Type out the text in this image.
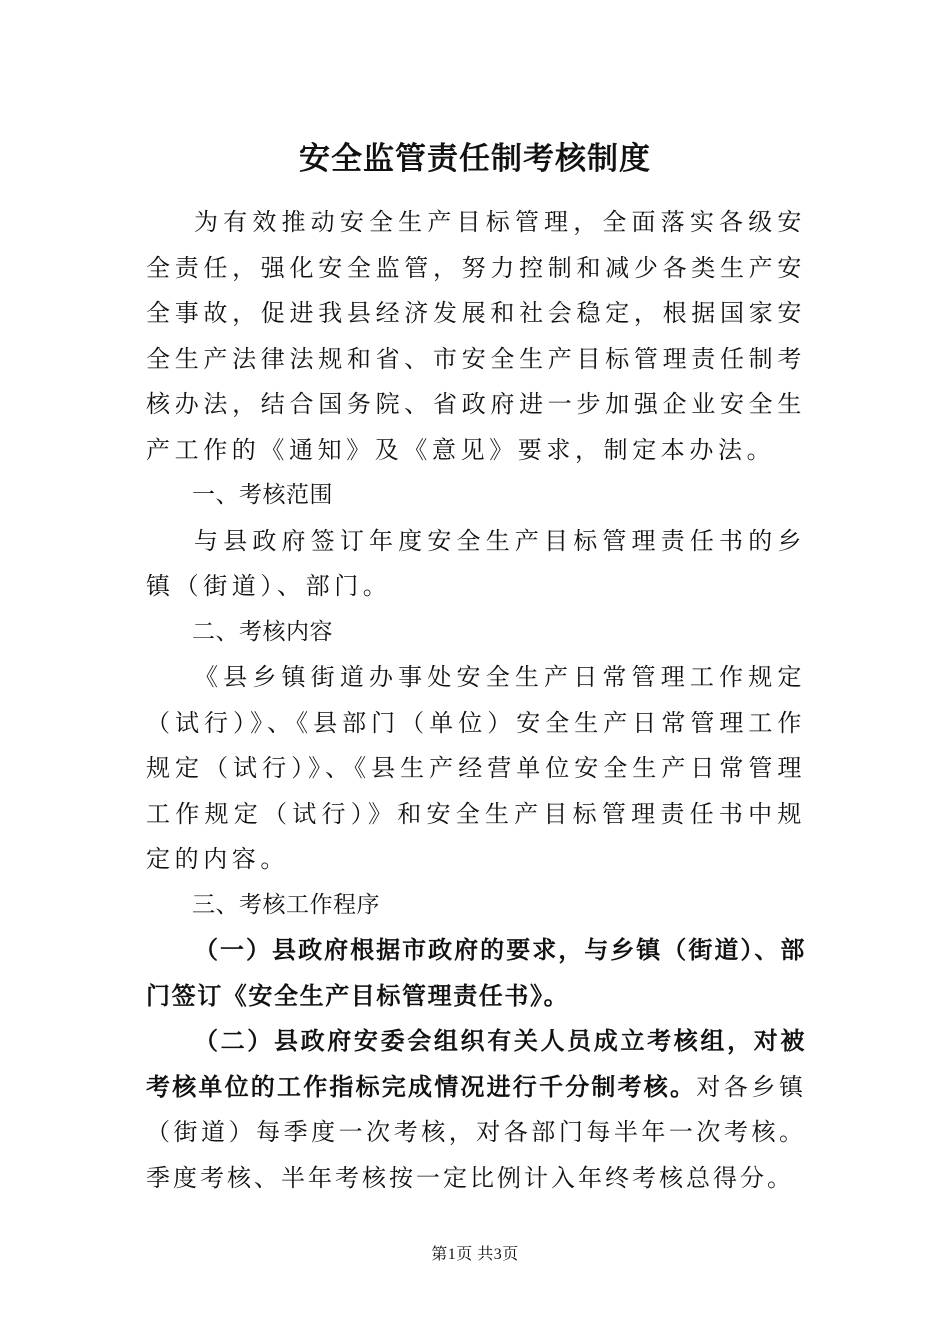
安全监管责任制考核制度

为有效推动安全生产目标管理，全面落实各级安全责任，强化安全监管，努力控制和减少各类生产安全事故，促进我县经济发展和社会稳定，根据国家安全生产法律法规和省、市安全生产目标管理责任制考核办法，结合国务院、省政府进一步加强企业安全生产工作的《通知》及《意见》要求，制定本办法。

一、考核范围

与县政府签订年度安全生产目标管理责任书的乡镇（街道）、部门。

二、考核内容

《县乡镇街道办事处安全生产日常管理工作规定（试行）》、《县部门（单位）安全生产日常管理工作规定（试行）》、《县生产经营单位安全生产日常管理工作规定（试行）》和安全生产目标管理责任书中规定的内容。

三、考核工作程序

（一）县政府根据市政府的要求，与乡镇（街道）、部门签订《安全生产目标管理责任书》。

（二）县政府安委会组织有关人员成立考核组，对被考核单位的工作指标完成情况进行千分制考核。对各乡镇（街道）每季度一次考核，对各部门每半年一次考核。季度考核、半年考核按一定比例计入年终考核总得分。

第1页 共3页
